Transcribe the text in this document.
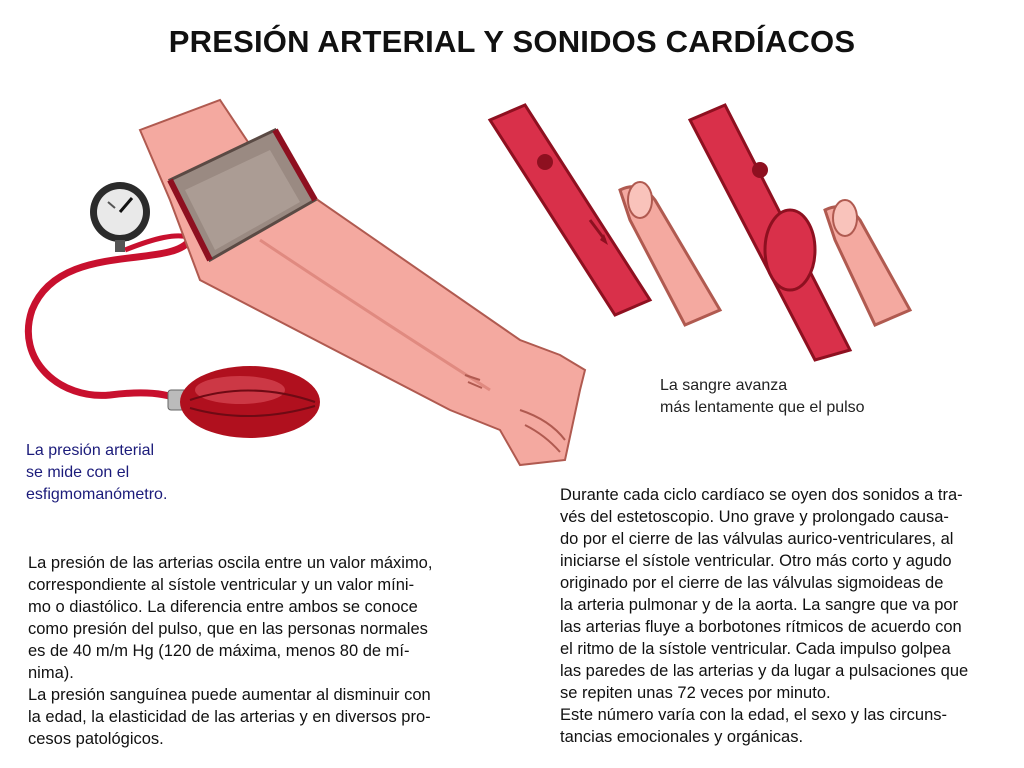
PRESIÓN ARTERIAL Y SONIDOS CARDÍACOS
La presión arterial
se mide con el
esfigmomanómetro.
La sangre avanza
más lentamente que el pulso
La presión de las arterias oscila entre un valor máximo,
correspondiente al sístole ventricular y un valor míni-
mo o diastólico. La diferencia entre ambos se conoce
como presión del pulso, que en las personas normales
es de 40 m/m Hg (120 de máxima, menos 80 de mí-
nima).
La presión sanguínea puede aumentar al disminuir con
la edad, la elasticidad de las arterias y en diversos pro-
cesos patológicos.
Durante cada ciclo cardíaco se oyen dos sonidos a tra-
vés del estetoscopio. Uno grave y prolongado causa-
do por el cierre de las válvulas aurico-ventriculares, al
iniciarse el sístole ventricular. Otro más corto y agudo
originado por el cierre de las válvulas sigmoideas de
la arteria pulmonar y de la aorta. La sangre que va por
las arterias fluye a borbotones rítmicos de acuerdo con
el ritmo de la sístole ventricular. Cada impulso golpea
las paredes de las arterias y da lugar a pulsaciones que
se repiten unas 72 veces por minuto.
Este número varía con la edad, el sexo y las circuns-
tancias emocionales y orgánicas.
